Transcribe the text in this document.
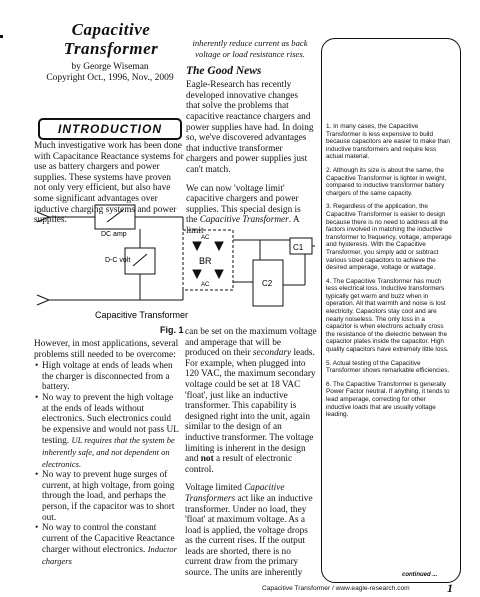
Capacitive
Transformer
by George Wiseman
Copyright Oct., 1996, Nov., 2009
INTRODUCTION
Much investigative work has been done with Capacitance Reactance systems for use as battery chargers and power supplies. These systems have proven not only very efficient, but also have some significant advantages over inductive charging systems and power supplies.
inherently reduce current as back voltage or load resistance rises.
The Good News
Eagle-Research has recently developed innovative changes that solve the problems that capacitive reactance chargers and power supplies have had. In doing so, we've discovered advantages that inductive transformer chargers and power supplies just can't match.
We can now 'voltage limit' capacitive chargers and power supplies. This special design is the Capacitive Transformer. A limit
DC amp
D-C volt
AC
AC
BR
C1
C2
Capacitive Transformer
Fig. 1
However, in most applications, several problems still needed to be overcome:
• High voltage at ends of leads when the charger is disconnected from a battery.
• No way to prevent the high voltage at the ends of leads without electronics. Such electronics could be expensive and would not pass UL testing. UL requires that the system be inherently safe, and not dependent on electronics.
• No way to prevent huge surges of current, at high voltage, from going through the load, and perhaps the person, if the capacitor was to short out.
• No way to control the constant current of the Capacitive Reactance charger without electronics. Inductor chargers
can be set on the maximum voltage and amperage that will be produced on their secondary leads. For example, when plugged into 120 VAC, the maximum secondary voltage could be set at 18 VAC 'float', just like an inductive transformer. This capability is designed right into the unit, again similar to the design of an inductive transformer. The voltage limiting is inherent in the design and not a result of electronic control.
Voltage limited Capacitive Transformers act like an inductive transformer. Under no load, they 'float' at maximum voltage. As a load is applied, the voltage drops as the current rises. If the output leads are shorted, there is no current draw from the primary source. The units are inherently

1. In many cases, the Capacitive Transformer is less expensive to build because capacitors are easier to make than inductive transformers and require less actual material.

2. Although its size is about the same, the Capacitive Transformer is lighter in weight, compared to inductive transformer battery chargers of the same capacity.

3. Regardless of the application, the Capacitive Transformer is easier to design because there is no need to address all the factors involved in matching the inductive transformer to frequency, voltage, amperage and hysteresis. With the Capacitive Transformer, you simply add or subtract various sized capacitors to achieve the desired amperage, voltage or wattage.

4. The Capacitive Transformer has much less electrical loss. Inductive transformers typically get warm and buzz when in operation. All that warmth and noise is lost electricity. Capacitors stay cool and are nearly noiseless. The only loss in a capacitor is when electrons actually cross the resistance of the dielectric between the capacitor plates inside the capacitor. High quality capacitors have extremely little loss.

5. Actual testing of the Capacitive Transformer shows remarkable efficiencies.

6. The Capacitive Transformer is generally Power Factor neutral. If anything, it tends to lead amperage, correcting for other inductive loads that are usually voltage leading.

continued ...
Capacitive Transformer / www.eagle-research.com	1
